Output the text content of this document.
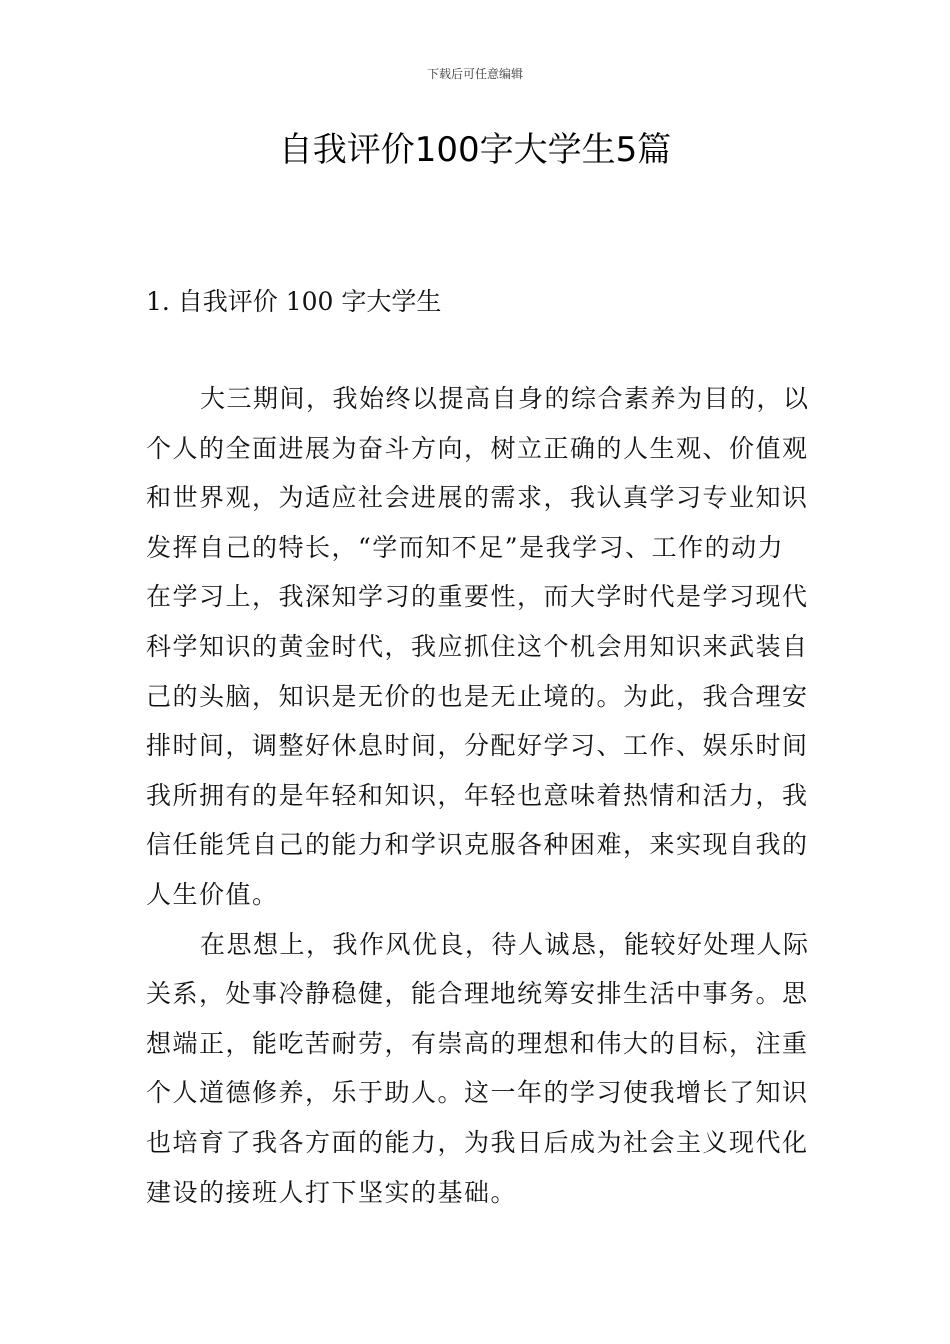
下载后可任意编辑
自我评价100字大学生5篇
1. 自我评价 100 字大学生

大三期间，我始终以提高自身的综合素养为目的，以
个人的全面进展为奋斗方向，树立正确的人生观、价值观
和世界观，为适应社会进展的需求，我认真学习专业知识
发挥自己的特长，“学而知不足”是我学习、工作的动力
在学习上，我深知学习的重要性，而大学时代是学习现代
科学知识的黄金时代，我应抓住这个机会用知识来武装自
己的头脑，知识是无价的也是无止境的。为此，我合理安
排时间，调整好休息时间，分配好学习、工作、娱乐时间
我所拥有的是年轻和知识，年轻也意味着热情和活力，我
信任能凭自己的能力和学识克服各种困难，来实现自我的
人生价值。

在思想上，我作风优良，待人诚恳，能较好处理人际
关系，处事冷静稳健，能合理地统筹安排生活中事务。思
想端正，能吃苦耐劳，有崇高的理想和伟大的目标，注重
个人道德修养，乐于助人。这一年的学习使我增长了知识
也培育了我各方面的能力，为我日后成为社会主义现代化
建设的接班人打下坚实的基础。
